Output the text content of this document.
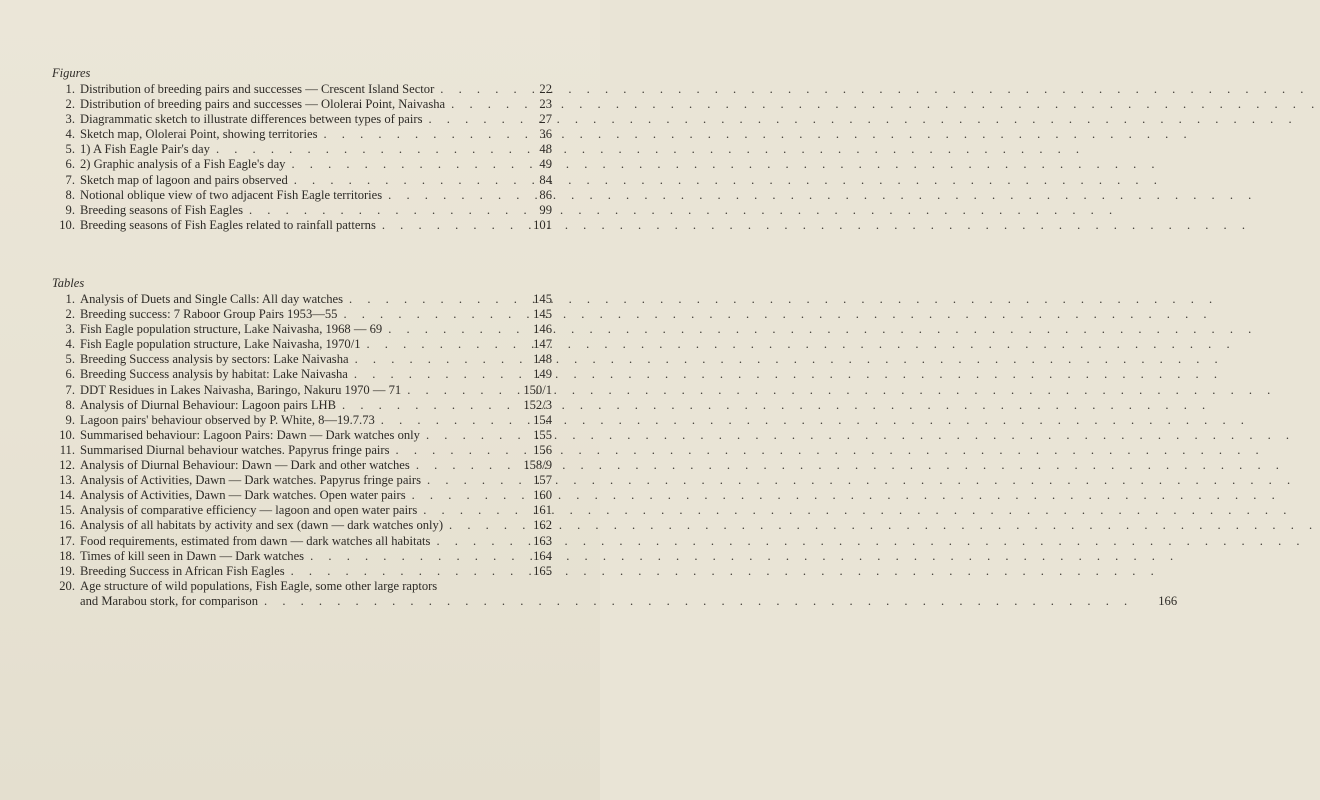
Figures
1. Distribution of breeding pairs and successes — Crescent Island Sector . . .	22
2. Distribution of breeding pairs and successes — Ololerai Point, Naivasha . . .	23
3. Diagrammatic sketch to illustrate differences between types of pairs . . .	27
4. Sketch map, Ololerai Point, showing territories . . .	36
5. 1) A Fish Eagle Pair's day . . .	48
6. 2) Graphic analysis of a Fish Eagle's day . . .	49
7. Sketch map of lagoon and pairs observed . . .	84
8. Notional oblique view of two adjacent Fish Eagle territories . . .	86
9. Breeding seasons of Fish Eagles . . .	99
10. Breeding seasons of Fish Eagles related to rainfall patterns . . .	101
Tables
1. Analysis of Duets and Single Calls: All day watches . . .	145
2. Breeding success: 7 Raboor Group Pairs 1953—55 . . .	145
3. Fish Eagle population structure, Lake Naivasha, 1968 — 69 . . .	146
4. Fish Eagle population structure, Lake Naivasha, 1970/1 . . .	147
5. Breeding Success analysis by sectors: Lake Naivasha . . .	148
6. Breeding Success analysis by habitat: Lake Naivasha . . .	149
7. DDT Residues in Lakes Naivasha, Baringo, Nakuru 1970 — 71 . . .	150/1
8. Analysis of Diurnal Behaviour: Lagoon pairs LHB . . .	152/3
9. Lagoon pairs' behaviour observed by P. White, 8—19.7.73 . . .	154
10. Summarised behaviour: Lagoon Pairs: Dawn — Dark watches only . . .	155
11. Summarised Diurnal behaviour watches. Papyrus fringe pairs . . .	156
12. Analysis of Diurnal Behaviour: Dawn — Dark and other watches . . .	158/9
13. Analysis of Activities, Dawn — Dark watches. Papyrus fringe pairs . . .	157
14. Analysis of Activities, Dawn — Dark watches. Open water pairs . . .	160
15. Analysis of comparative efficiency — lagoon and open water pairs . . .	161
16. Analysis of all habitats by activity and sex (dawn — dark watches only) . . .	162
17. Food requirements, estimated from dawn — dark watches all habitats . . .	163
18. Times of kill seen in Dawn — Dark watches . . .	164
19. Breeding Success in African Fish Eagles . . .	165
20. Age structure of wild populations, Fish Eagle, some other large raptors
and Marabou stork, for comparison . . .	166
